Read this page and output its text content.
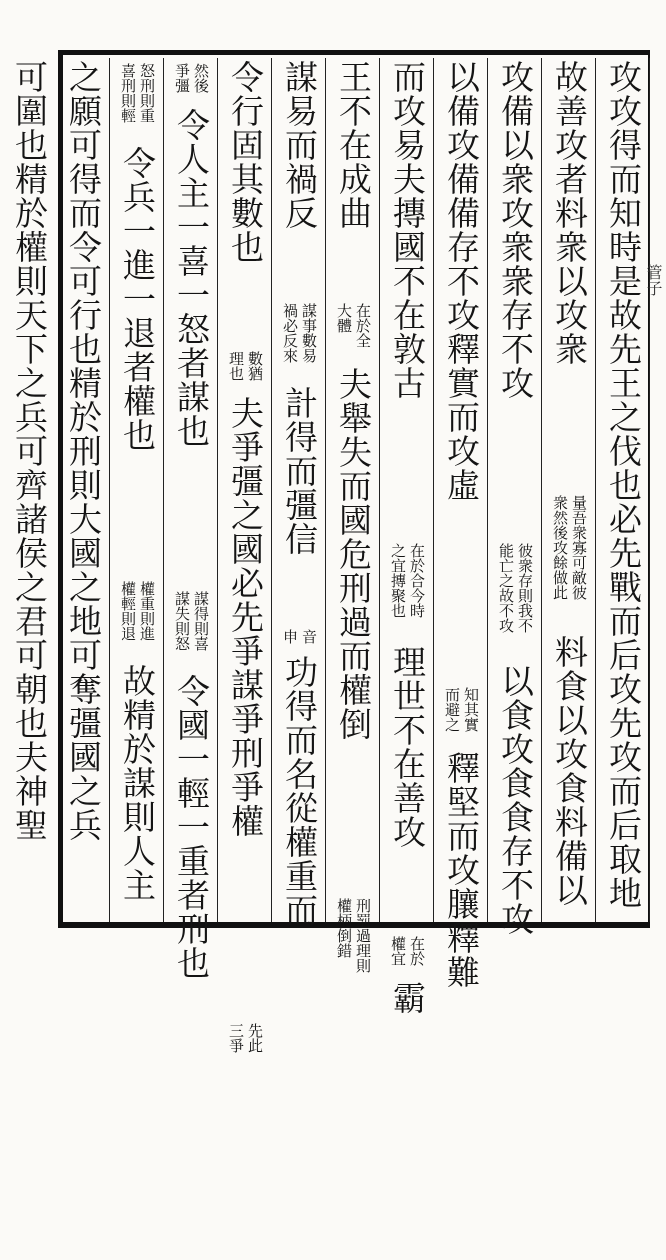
攻攻得而知時是故先王之伐也必先戰而后攻先攻而后取地
故善攻者料衆以攻衆
量吾衆寡可敵彼
衆然後攻餘做此
料食以攻食料備以
攻備以衆攻衆衆存不攻
彼衆存則我不
能亡之故不攻
以食攻食食存不攻
以備攻備備存不攻釋實而攻虛
知其實
而避之
釋堅而攻䑋釋難
而攻易夫摶國不在敦古
在於合今時
之宜摶聚也
理世不在善攻
在於
權宜
霸
王不在成曲
在於全
大體
夫舉失而國危刑過而權倒
刑罰過理則
權柄倒錯
謀易而禍反
謀事數易
禍必反來
計得而彊信
音
申
功得而名從權重而
令行固其數也
數猶
理也
夫爭彊之國必先爭謀爭刑爭權
先此
三爭
然後
爭彊
令人主一喜一怒者謀也
謀得則喜
謀失則怒
令國一輕一重者刑也
怒刑則重
喜刑則輕
令兵一進一退者權也
權重則進
權輕則退
故精於謀則人主
之願可得而令可行也精於刑則大國之地可奪彊國之兵
可圍也精於權則天下之兵可齊諸侯之君可朝也夫神聖	管子
